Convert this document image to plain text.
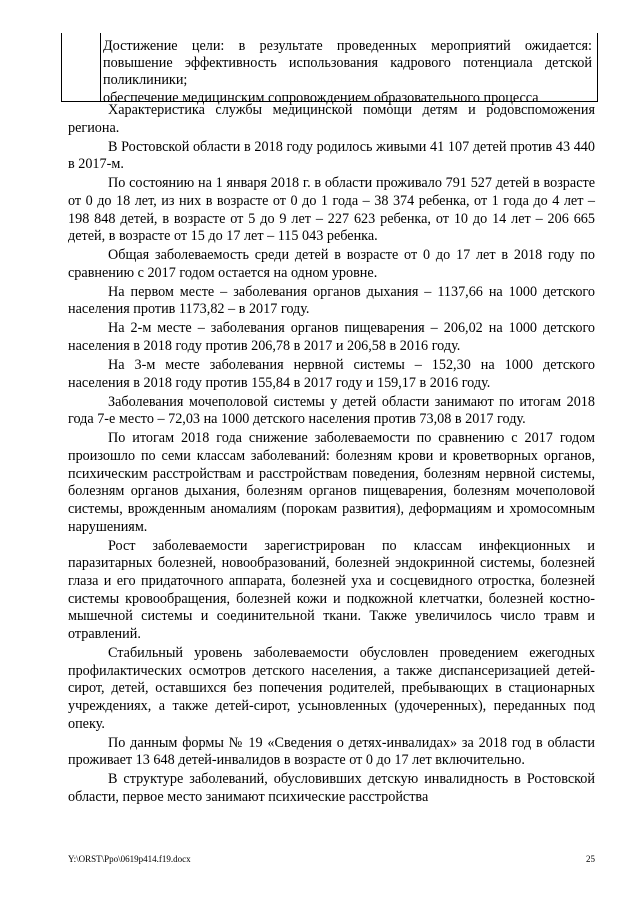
Достижение цели: в результате проведенных мероприятий ожидается: повышение эффективность использования кадрового потенциала детской поликлиники;

обеспечение медицинским сопровождением образовательного процесса

Характеристика службы медицинской помощи детям и родовспоможения региона.

В Ростовской области в 2018 году родилось живыми 41 107 детей против 43 440 в 2017-м.

По состоянию на 1 января 2018 г. в области проживало 791 527 детей в возрасте от 0 до 18 лет, из них в возрасте от 0 до 1 года – 38 374 ребенка, от 1 года до 4 лет – 198 848 детей, в возрасте от 5 до 9 лет – 227 623 ребенка, от 10 до 14 лет – 206 665 детей, в возрасте от 15 до 17 лет – 115 043 ребенка.

Общая заболеваемость среди детей в возрасте от 0 до 17 лет в 2018 году по сравнению с 2017 годом остается на одном уровне.

На первом месте – заболевания органов дыхания – 1137,66 на 1000 детского населения против 1173,82 – в 2017 году.

На 2-м месте – заболевания органов пищеварения – 206,02 на 1000 детского населения в 2018 году против 206,78 в 2017 и 206,58 в 2016 году.

На 3-м месте заболевания нервной системы – 152,30 на 1000 детского населения в 2018 году против 155,84 в 2017 году и 159,17 в 2016 году.

Заболевания мочеполовой системы у детей области занимают по итогам 2018 года 7-е место – 72,03 на 1000 детского населения против 73,08 в 2017 году.

По итогам 2018 года снижение заболеваемости по сравнению с 2017 годом произошло по семи классам заболеваний: болезням крови и кроветворных органов, психическим расстройствам и расстройствам поведения, болезням нервной системы, болезням органов дыхания, болезням органов пищеварения, болезням мочеполовой системы, врожденным аномалиям (порокам развития), деформациям и хромосомным нарушениям.

Рост заболеваемости зарегистрирован по классам инфекционных и паразитарных болезней, новообразований, болезней эндокринной системы, болезней глаза и его придаточного аппарата, болезней уха и сосцевидного отростка, болезней системы кровообращения, болезней кожи и подкожной клетчатки, болезней костно-мышечной системы и соединительной ткани. Также увеличилось число травм и отравлений.

Стабильный уровень заболеваемости обусловлен проведением ежегодных профилактических осмотров детского населения, а также диспансеризацией детей-сирот, детей, оставшихся без попечения родителей, пребывающих в стационарных учреждениях, а также детей-сирот, усыновленных (удочеренных), переданных под опеку.

По данным формы № 19 «Сведения о детях-инвалидах» за 2018 год в области проживает 13 648 детей-инвалидов в возрасте от 0 до 17 лет включительно.

В структуре заболеваний, обусловивших детскую инвалидность в Ростовской области, первое место занимают психические расстройства

Y:\ORST\Ppo\0619p414.f19.docx	25
